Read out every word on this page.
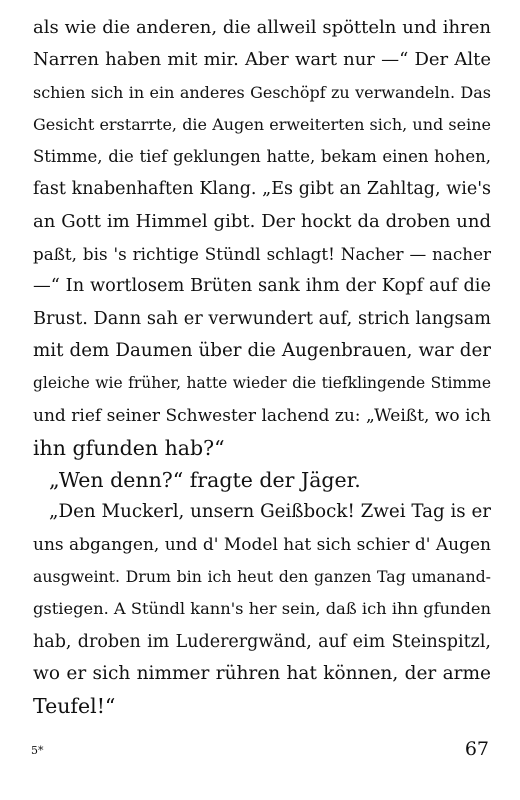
als wie die anderen, die allweil spötteln und ihren
Narren haben mit mir. Aber wart nur —“ Der Alte
schien sich in ein anderes Geschöpf zu verwandeln. Das
Gesicht erstarrte, die Augen erweiterten sich, und seine
Stimme, die tief geklungen hatte, bekam einen hohen,
fast knabenhaften Klang. „Es gibt an Zahltag, wie's
an Gott im Himmel gibt. Der hockt da droben und
paßt, bis 's richtige Stündl schlagt! Nacher — nacher
—“ In wortlosem Brüten sank ihm der Kopf auf die
Brust. Dann sah er verwundert auf, strich langsam
mit dem Daumen über die Augenbrauen, war der
gleiche wie früher, hatte wieder die tiefklingende Stimme
und rief seiner Schwester lachend zu: „Weißt, wo ich
ihn gfunden hab?“
„Wen denn?“ fragte der Jäger.
„Den Muckerl, unsern Geißbock! Zwei Tag is er
uns abgangen, und d' Model hat sich schier d' Augen
ausgweint. Drum bin ich heut den ganzen Tag umanand-
gstiegen. A Stündl kann's her sein, daß ich ihn gfunden
hab, droben im Luderergwänd, auf eim Steinspitzl,
wo er sich nimmer rühren hat können, der arme
Teufel!“
5*	67
